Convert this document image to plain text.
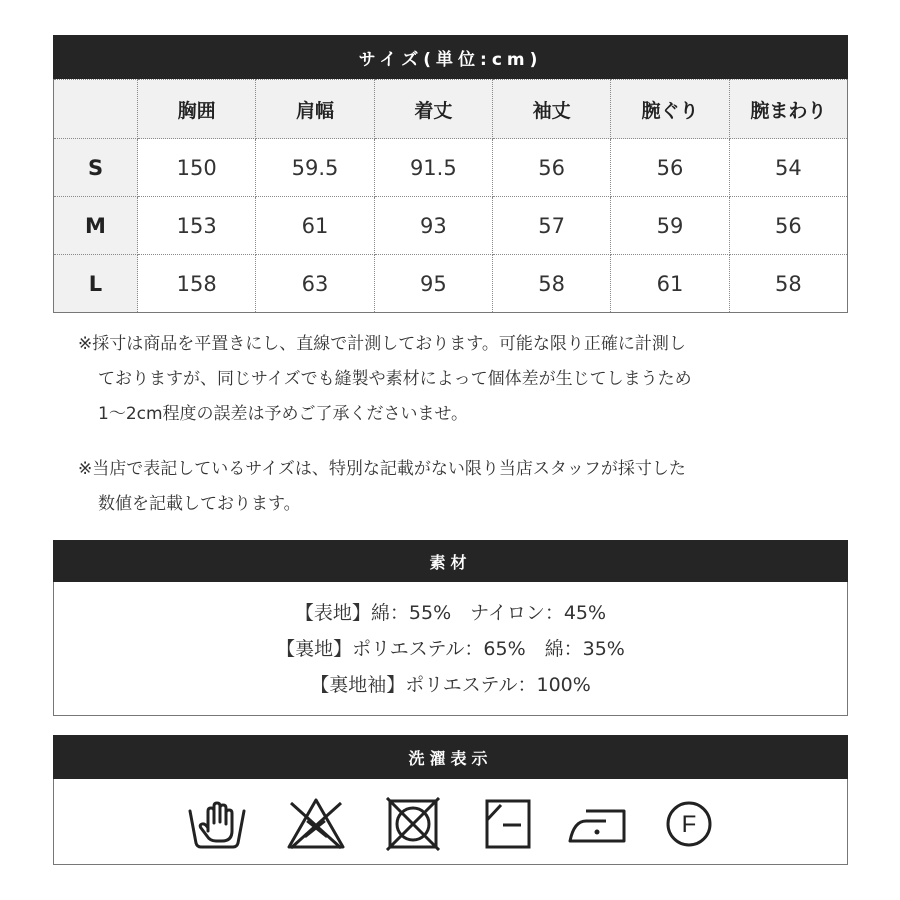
サイズ(単位:cm)
	胸囲	肩幅	着丈	袖丈	腕ぐり	腕まわり
S	150	59.5	91.5	56	56	54
M	153	61	93	57	59	56
L	158	63	95	58	61	58

※採寸は商品を平置きにし、直線で計測しております。可能な限り正確に計測し
ておりますが、同じサイズでも縫製や素材によって個体差が生じてしまうため
1～2cm程度の誤差は予めご了承くださいませ。

※当店で表記しているサイズは、特別な記載がない限り当店スタッフが採寸した
数値を記載しております。

素材
【表地】綿：55%　ナイロン：45%
【裏地】ポリエステル：65%　綿：35%
【裏地袖】ポリエステル：100%
洗濯表示
F
